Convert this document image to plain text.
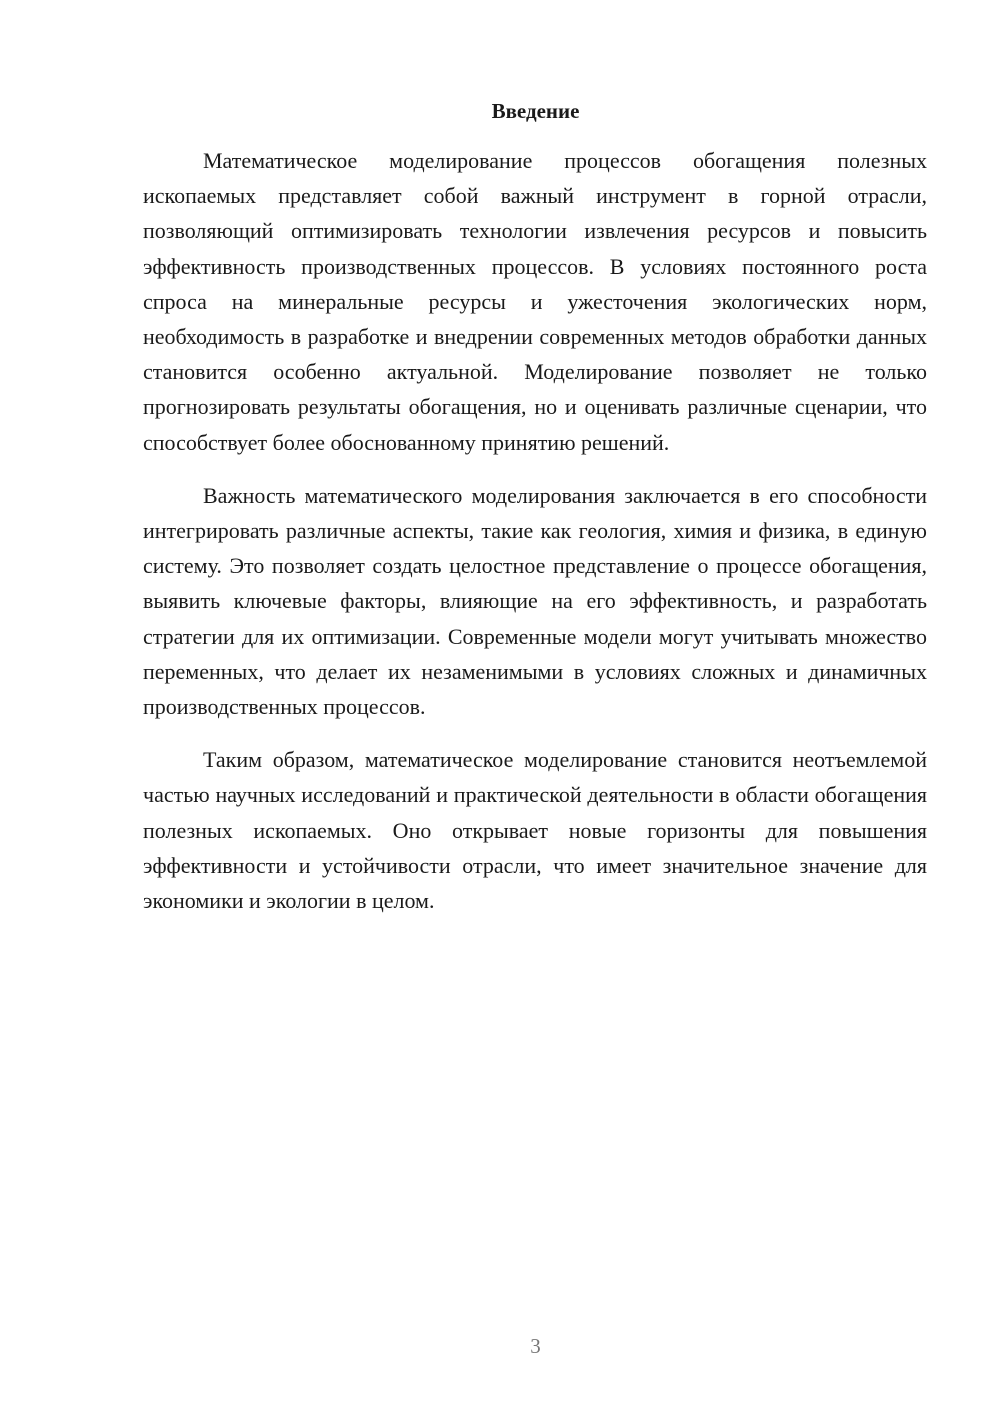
Введение

Математическое моделирование процессов обогащения полезных ископаемых представляет собой важный инструмент в горной отрасли, позволяющий оптимизировать технологии извлечения ресурсов и повысить эффективность производственных процессов. В условиях постоянного роста спроса на минеральные ресурсы и ужесточения экологических норм, необходимость в разработке и внедрении современных методов обработки данных становится особенно актуальной. Моделирование позволяет не только прогнозировать результаты обогащения, но и оценивать различные сценарии, что способствует более обоснованному принятию решений.

Важность математического моделирования заключается в его способности интегрировать различные аспекты, такие как геология, химия и физика, в единую систему. Это позволяет создать целостное представление о процессе обогащения, выявить ключевые факторы, влияющие на его эффективность, и разработать стратегии для их оптимизации. Современные модели могут учитывать множество переменных, что делает их незаменимыми в условиях сложных и динамичных производственных процессов.

Таким образом, математическое моделирование становится неотъемлемой частью научных исследований и практической деятельности в области обогащения полезных ископаемых. Оно открывает новые горизонты для повышения эффективности и устойчивости отрасли, что имеет значительное значение для экономики и экологии в целом.

3
